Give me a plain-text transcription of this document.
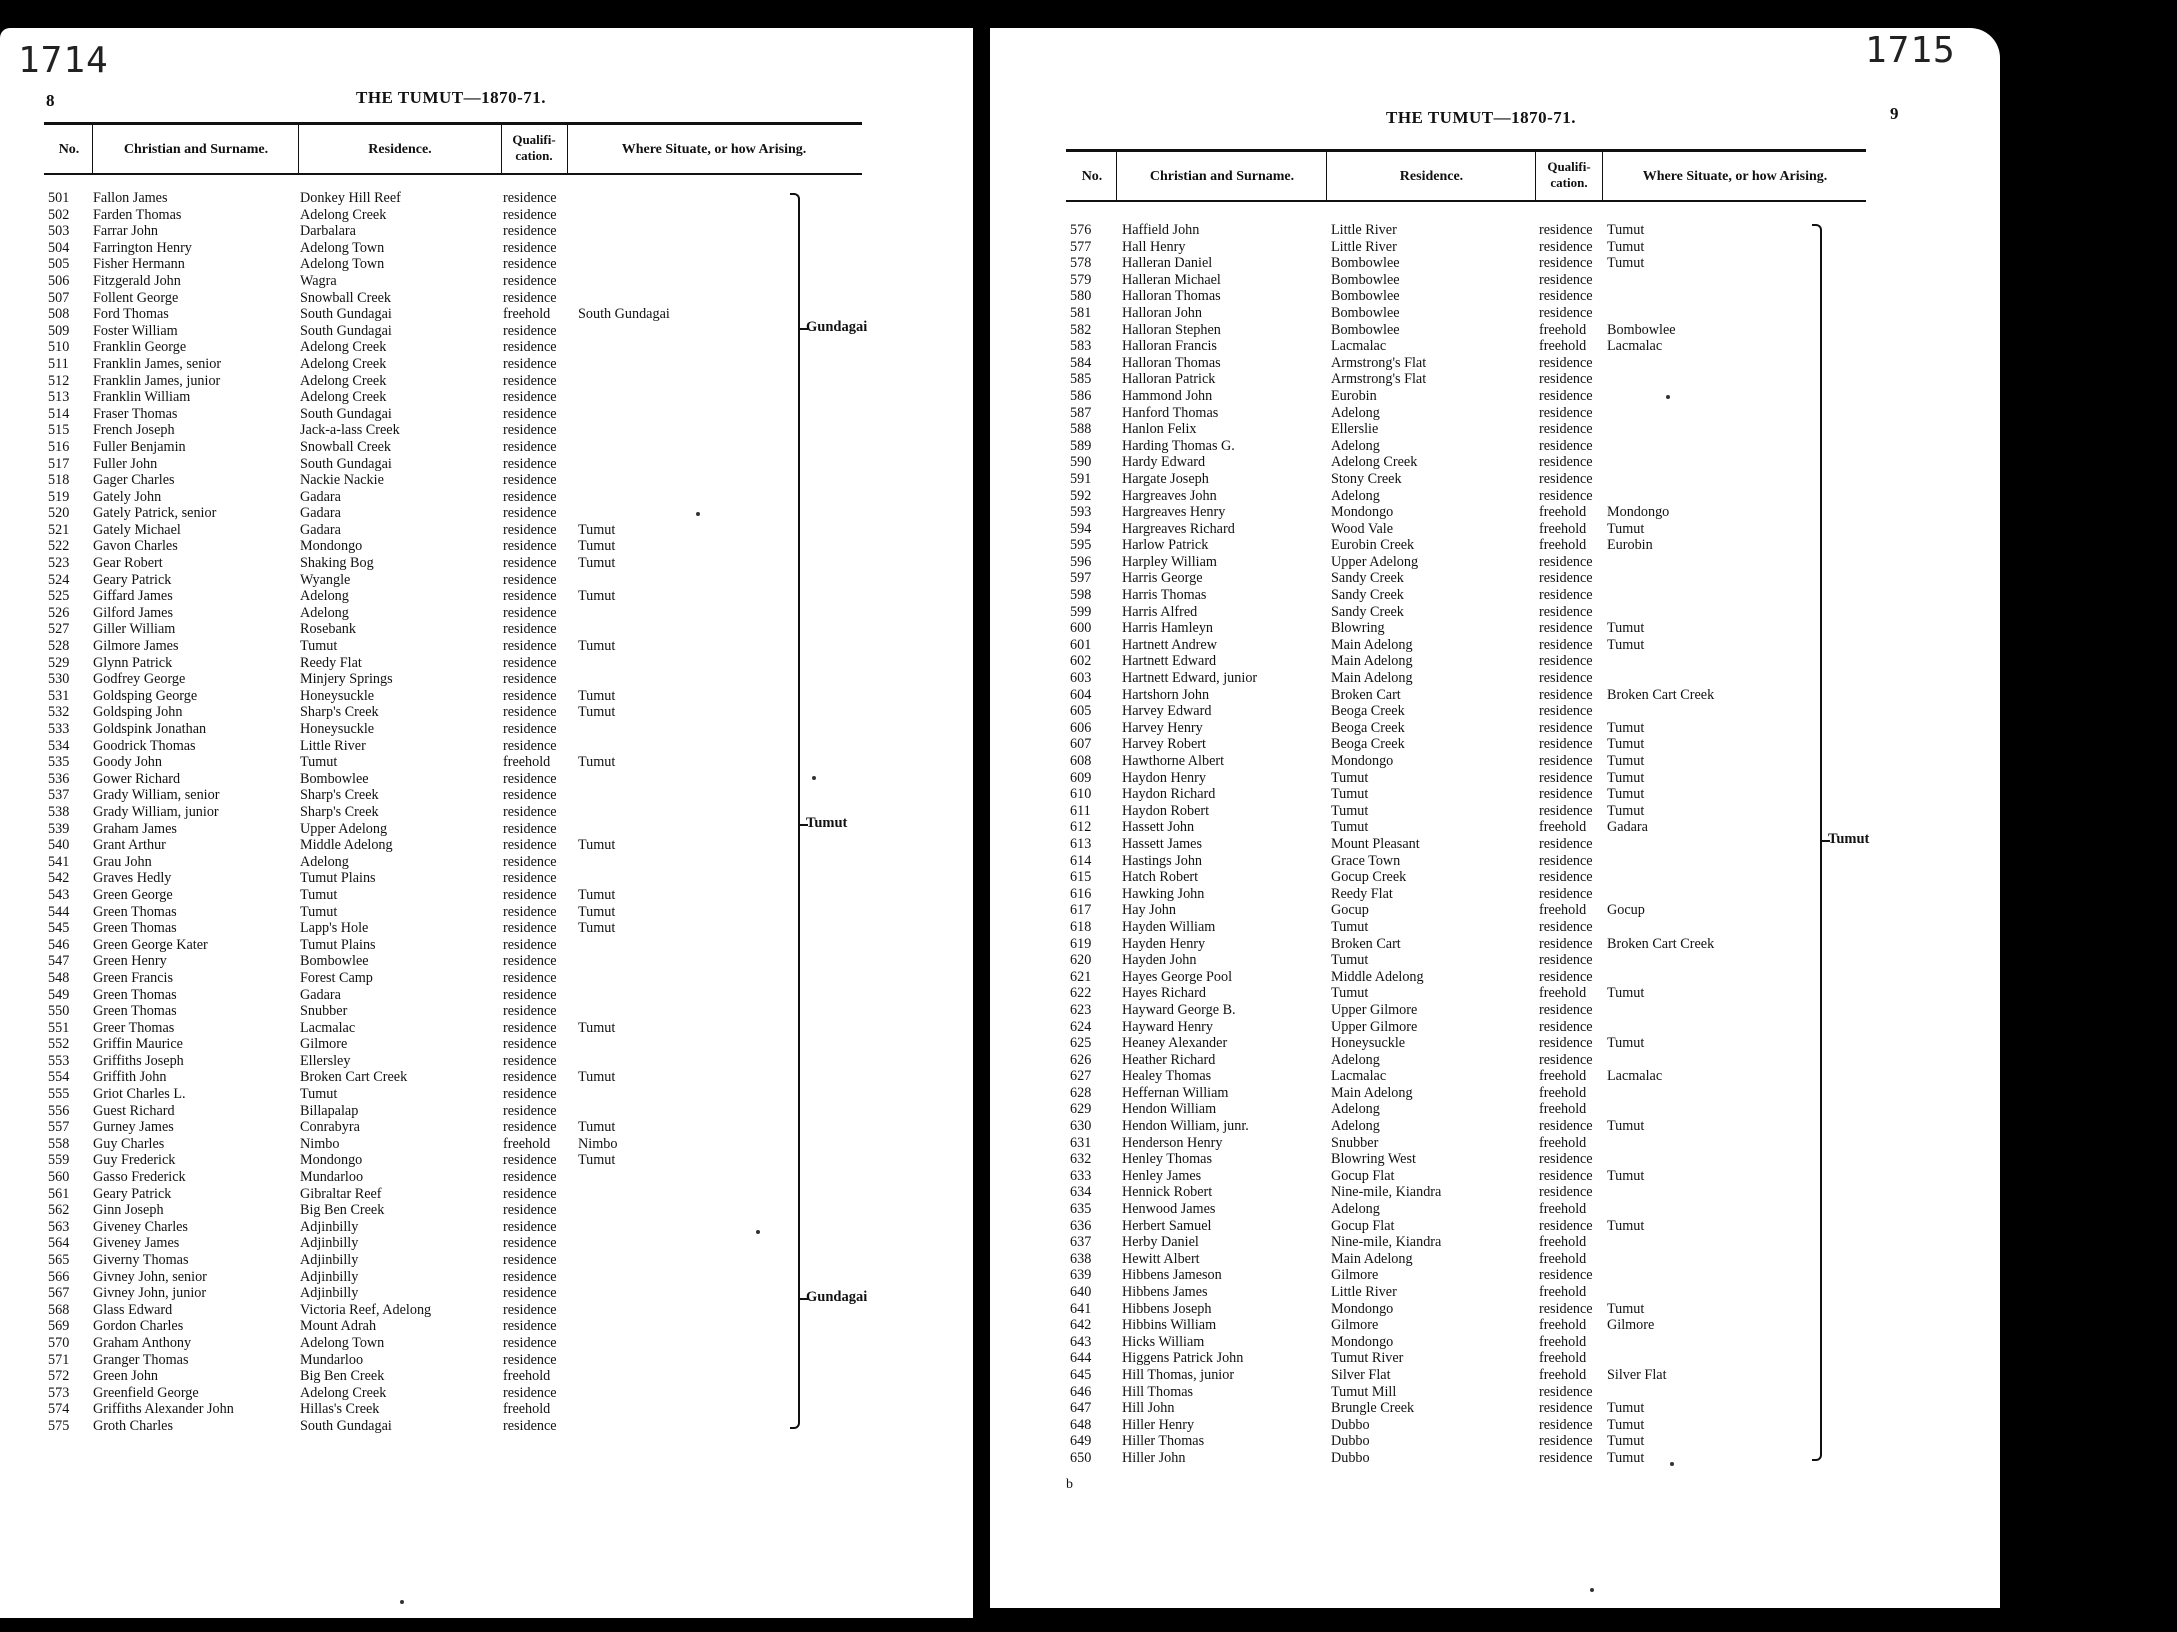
1714
8	THE TUMUT—1870-71.
No.	Christian and Surname.	Residence.
Qualifi- cation.	Where Situate, or how Arising.
501 Fallon James	Donkey Hill Reef	residence
502 Farden Thomas	Adelong Creek	residence
503 Farrar John	Darbalara	residence
504 Farrington Henry	Adelong Town	residence
505 Fisher Hermann	Adelong Town	residence
506 Fitzgerald John	Wagra	residence
507 Follent George	Snowball Creek	residence
508 Ford Thomas	South Gundagai	freehold South Gundagai
509 Foster William	South Gundagai	residence
510 Franklin George	Adelong Creek	residence
511 Franklin James, senior	Adelong Creek	residence
512 Franklin James, junior	Adelong Creek	residence
513 Franklin William	Adelong Creek	residence
514 Fraser Thomas	South Gundagai	residence
515 French Joseph	Jack-a-lass Creek	residence
516 Fuller Benjamin	Snowball Creek	residence
517 Fuller John	South Gundagai	residence
518 Gager Charles	Nackie Nackie	residence
519 Gately John	Gadara	residence
520 Gately Patrick, senior	Gadara	residence
521 Gately Michael	Gadara	residence Tumut
522 Gavon Charles	Mondongo	residence Tumut
523 Gear Robert	Shaking Bog	residence Tumut
524 Geary Patrick	Wyangle	residence
525 Giffard James	Adelong	residence Tumut
526 Gilford James	Adelong	residence
527 Giller William	Rosebank	residence
528 Gilmore James	Tumut	residence Tumut
529 Glynn Patrick	Reedy Flat	residence
530 Godfrey George	Minjery Springs	residence
531 Goldsping George	Honeysuckle	residence Tumut
532 Goldsping John	Sharp's Creek	residence Tumut
533 Goldspink Jonathan	Honeysuckle	residence
534 Goodrick Thomas	Little River	residence
535 Goody John	Tumut	freehold Tumut
536 Gower Richard	Bombowlee	residence
537 Grady William, senior	Sharp's Creek	residence
538 Grady William, junior	Sharp's Creek	residence
539 Graham James	Upper Adelong	residence
540 Grant Arthur	Middle Adelong	residence Tumut
541 Grau John	Adelong	residence
542 Graves Hedly	Tumut Plains	residence
543 Green George	Tumut	residence Tumut
544 Green Thomas	Tumut	residence Tumut
545 Green Thomas	Lapp's Hole	residence Tumut
546 Green George Kater	Tumut Plains	residence
547 Green Henry	Bombowlee	residence
548 Green Francis	Forest Camp	residence
549 Green Thomas	Gadara	residence
550 Green Thomas	Snubber	residence
551 Greer Thomas	Lacmalac	residence Tumut
552 Griffin Maurice	Gilmore	residence
553 Griffiths Joseph	Ellersley	residence
554 Griffith John	Broken Cart Creek	residence Tumut
555 Griot Charles L.	Tumut	residence
556 Guest Richard	Billapalap	residence
557 Gurney James	Conrabyra	residence Tumut
558 Guy Charles	Nimbo	freehold Nimbo
559 Guy Frederick	Mondongo	residence Tumut
560 Gasso Frederick	Mundarloo	residence
561 Geary Patrick	Gibraltar Reef	residence
562 Ginn Joseph	Big Ben Creek	residence
563 Giveney Charles	Adjinbilly	residence
564 Giveney James	Adjinbilly	residence
565 Giverny Thomas	Adjinbilly	residence
566 Givney John, senior	Adjinbilly	residence
567 Givney John, junior	Adjinbilly	residence
568 Glass Edward	Victoria Reef, Adelong	residence
569 Gordon Charles	Mount Adrah	residence
570 Graham Anthony	Adelong Town	residence
571 Granger Thomas	Mundarloo	residence
572 Green John	Big Ben Creek	freehold
573 Greenfield George	Adelong Creek	residence
574 Griffiths Alexander John	Hillas's Creek	freehold
575 Groth Charles	South Gundagai	residence
Gundagai
Tumut
Gundagai
1715
THE TUMUT—1870-71.	9
No.	Christian and Surname.	Residence.
Qualifi- cation.	Where Situate, or how Arising.
576 Haffield John	Little River	residence Tumut
577 Hall Henry	Little River	residence Tumut
578 Halleran Daniel	Bombowlee	residence Tumut
579 Halleran Michael	Bombowlee	residence
580 Halloran Thomas	Bombowlee	residence
581 Halloran John	Bombowlee	residence
582 Halloran Stephen	Bombowlee	freehold Bombowlee
583 Halloran Francis	Lacmalac	freehold Lacmalac
584 Halloran Thomas	Armstrong's Flat	residence
585 Halloran Patrick	Armstrong's Flat	residence
586 Hammond John	Eurobin	residence
587 Hanford Thomas	Adelong	residence
588 Hanlon Felix	Ellerslie	residence
589 Harding Thomas G.	Adelong	residence
590 Hardy Edward	Adelong Creek	residence
591 Hargate Joseph	Stony Creek	residence
592 Hargreaves John	Adelong	residence
593 Hargreaves Henry	Mondongo	freehold Mondongo
594 Hargreaves Richard	Wood Vale	freehold Tumut
595 Harlow Patrick	Eurobin Creek	freehold Eurobin
596 Harpley William	Upper Adelong	residence
597 Harris George	Sandy Creek	residence
598 Harris Thomas	Sandy Creek	residence
599 Harris Alfred	Sandy Creek	residence
600 Harris Hamleyn	Blowring	residence Tumut
601 Hartnett Andrew	Main Adelong	residence Tumut
602 Hartnett Edward	Main Adelong	residence
603 Hartnett Edward, junior	Main Adelong	residence
604 Hartshorn John	Broken Cart	residence Broken Cart Creek
605 Harvey Edward	Beoga Creek	residence
606 Harvey Henry	Beoga Creek	residence Tumut
607 Harvey Robert	Beoga Creek	residence Tumut
608 Hawthorne Albert	Mondongo	residence Tumut
609 Haydon Henry	Tumut	residence Tumut
610 Haydon Richard	Tumut	residence Tumut
611 Haydon Robert	Tumut	residence Tumut
612 Hassett John	Tumut	freehold Gadara
613 Hassett James	Mount Pleasant	residence
614 Hastings John	Grace Town	residence
615 Hatch Robert	Gocup Creek	residence
616 Hawking John	Reedy Flat	residence
617 Hay John	Gocup	freehold Gocup
618 Hayden William	Tumut	residence
619 Hayden Henry	Broken Cart	residence Broken Cart Creek
620 Hayden John	Tumut	residence
621 Hayes George Pool	Middle Adelong	residence
622 Hayes Richard	Tumut	freehold Tumut
623 Hayward George B.	Upper Gilmore	residence
624 Hayward Henry	Upper Gilmore	residence
625 Heaney Alexander	Honeysuckle	residence Tumut
626 Heather Richard	Adelong	residence
627 Healey Thomas	Lacmalac	freehold Lacmalac
628 Heffernan William	Main Adelong	freehold
629 Hendon William	Adelong	freehold
630 Hendon William, junr.	Adelong	residence Tumut
631 Henderson Henry	Snubber	freehold
632 Henley Thomas	Blowring West	residence
633 Henley James	Gocup Flat	residence Tumut
634 Hennick Robert	Nine-mile, Kiandra	residence
635 Henwood James	Adelong	freehold
636 Herbert Samuel	Gocup Flat	residence Tumut
637 Herby Daniel	Nine-mile, Kiandra	freehold
638 Hewitt Albert	Main Adelong	freehold
639 Hibbens Jameson	Gilmore	residence
640 Hibbens James	Little River	freehold
641 Hibbens Joseph	Mondongo	residence Tumut
642 Hibbins William	Gilmore	freehold Gilmore
643 Hicks William	Mondongo	freehold
644 Higgens Patrick John	Tumut River	freehold
645 Hill Thomas, junior	Silver Flat	freehold Silver Flat
646 Hill Thomas	Tumut Mill	residence
647 Hill John	Brungle Creek	residence Tumut
648 Hiller Henry	Dubbo	residence Tumut
649 Hiller Thomas	Dubbo	residence Tumut
650 Hiller John	Dubbo	residence Tumut
Tumut
b
